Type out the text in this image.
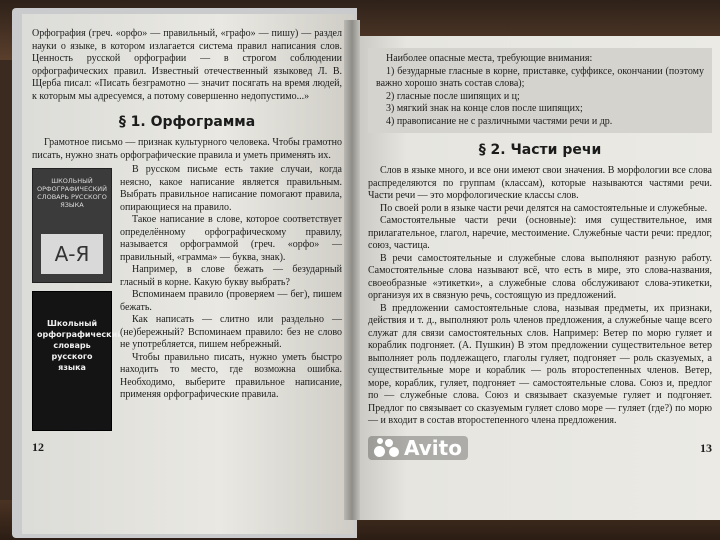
Орфография (греч. «орфо» — правильный, «графо» — пишу) — раздел науки о языке, в котором излагается система правил написания слов. Ценность русской орфографии — в строгом соблюдении орфографических правил. Известный отечественный языковед Л. В. Щерба писал: «Писать безграмотно — значит посягать на время людей, к которым мы адресуемся, а потому совершенно недопустимо...»
§ 1. Орфограмма

Грамотное письмо — признак культурного человека. Чтобы грамотно писать, нужно знать орфографические правила и уметь применять их.

ШКОЛЬНЫЙ ОРФОГРАФИЧЕСКИЙ СЛОВАРЬ РУССКОГО ЯЗЫКА
А-Я
Школьный орфографический словарь русского языка

В русском письме есть такие случаи, когда неясно, какое написание является правильным. Выбрать правильное написание помогают правила, опирающиеся на правило.

Такое написание в слове, которое соответствует определённому орфографическому правилу, называется орфограммой (греч. «орфо» — правильный, «грамма» — буква, знак).

Например, в слове бежать — безударный гласный в корне. Какую букву выбрать?

Вспоминаем правило (проверяем — бег), пишем бежать.

Как написать — слитно или раздельно — (не)бережный? Вспоминаем правило: без не слово не употребляется, пишем небрежный.

Чтобы правильно писать, нужно уметь быстро находить то место, где возможна ошибка. Необходимо, выберите правильное написание, применяя орфографические правила.

12

Наиболее опасные места, требующие внимания:

1) безударные гласные в корне, приставке, суффиксе, окончании (поэтому важно хорошо знать состав слова);

2) гласные после шипящих и ц;

3) мягкий знак на конце слов после шипящих;

4) правописание не с различными частями речи и др.

§ 2. Части речи

Слов в языке много, и все они имеют свои значения. В морфологии все слова распределяются по группам (классам), которые называются частями речи. Части речи — это морфологические классы слов.

По своей роли в языке части речи делятся на самостоятельные и служебные.

Самостоятельные части речи (основные): имя существительное, имя прилагательное, глагол, наречие, местоимение. Служебные части речи: предлог, союз, частица.

В речи самостоятельные и служебные слова выполняют разную работу. Самостоятельные слова называют всё, что есть в мире, это слова-названия, своеобразные «этикетки», а служебные слова обслуживают слова-этикетки, организуя их в связную речь, состоящую из предложений.

В предложении самостоятельные слова, называя предметы, их признаки, действия и т. д., выполняют роль членов предложения, а служебные чаще всего служат для связи самостоятельных слов. Например: Ветер по морю гуляет и кораблик подгоняет. (А. Пушкин) В этом предложении существительное ветер выполняет роль подлежащего, глаголы гуляет, подгоняет — роль сказуемых, а существительные море и кораблик — роль второстепенных членов. Ветер, море, кораблик, гуляет, подгоняет — самостоятельные слова. Союз и, предлог по — служебные слова. Союз и связывает сказуемые гуляет и подгоняет. Предлог по связывает со сказуемым гуляет слово море — гуляет (где?) по морю — и входит в состав второстепенного члена предложения.

Avito	13
